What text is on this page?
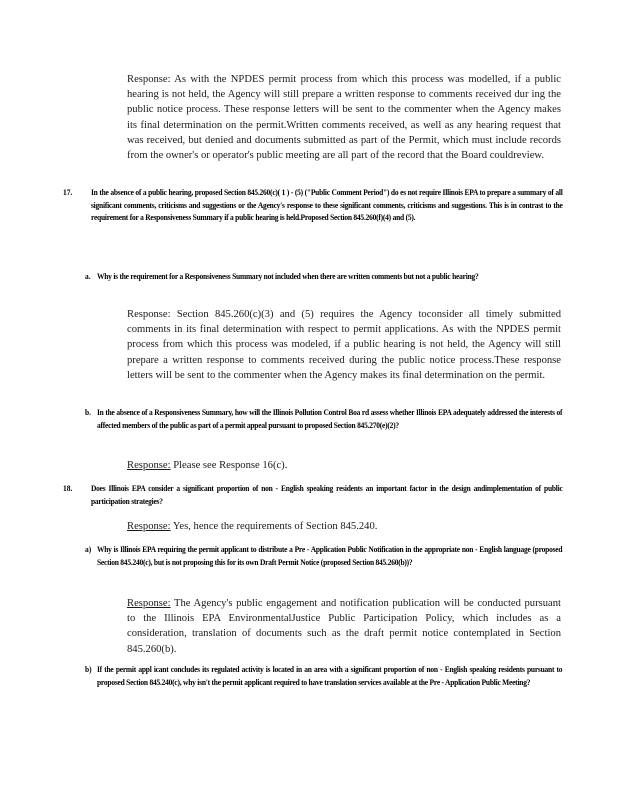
Response: As with the NPDES permit process from which this process was modelled, if a public hearing is not held, the Agency will still prepare a written response to comments received dur ing the public notice process. These response letters will be sent to the commenter when the Agency makes its final determination on the permit.Written comments received, as well as any hearing request that was received, but denied and documents submitted as part of the Permit, which must include records from the owner's or operator's public meeting are all part of the record that the Board couldreview.
17. In the absence of a public hearing, proposed Section 845.260(c)( 1 ) - (5) ("Public Comment Period") do es not require Illinois EPA to prepare a summary of all significant comments, criticisms and suggestions or the Agency's response to these significant comments, criticisms and suggestions. This is in contrast to the requirement for a Responsiveness Summary if a public hearing is held.Proposed Section 845.260(f)(4) and (5).
a. Why is the requirement for a Responsiveness Summary not included when there are written comments but not a public hearing?
Response: Section 845.260(c)(3) and (5) requires the Agency toconsider all timely submitted comments in its final determination with respect to permit applications. As with the NPDES permit process from which this process was modeled, if a public hearing is not held, the Agency will still prepare a written response to comments received during the public notice process.These response letters will be sent to the commenter when the Agency makes its final determination on the permit.
b. In the absence of a Responsiveness Summary, how will the Illinois Pollution Control Boa rd assess whether Illinois EPA adequately addressed the interests of affected members of the public as part of a permit appeal pursuant to proposed Section 845.270(e)(2)?
Response: Please see Response 16(c).
18. Does Illinois EPA consider a significant proportion of non - English speaking residents an important factor in the design andimplementation of public participation strategies?
Response: Yes, hence the requirements of Section 845.240.
a) Why is Illinois EPA requiring the permit applicant to distribute a Pre - Application Public Notification in the appropriate non - English language (proposed Section 845.240(c), but is not proposing this for its own Draft Permit Notice (proposed Section 845.260(b))?
Response: The Agency's public engagement and notification publication will be conducted pursuant to the Illinois EPA EnvironmentalJustice Public Participation Policy, which includes as a consideration, translation of documents such as the draft permit notice contemplated in Section 845.260(b).
b) If the permit appl icant concludes its regulated activity is located in an area with a significant proportion of non - English speaking residents pursuant to proposed Section 845.240(c), why isn't the permit applicant required to have translation services available at the Pre - Application Public Meeting?
